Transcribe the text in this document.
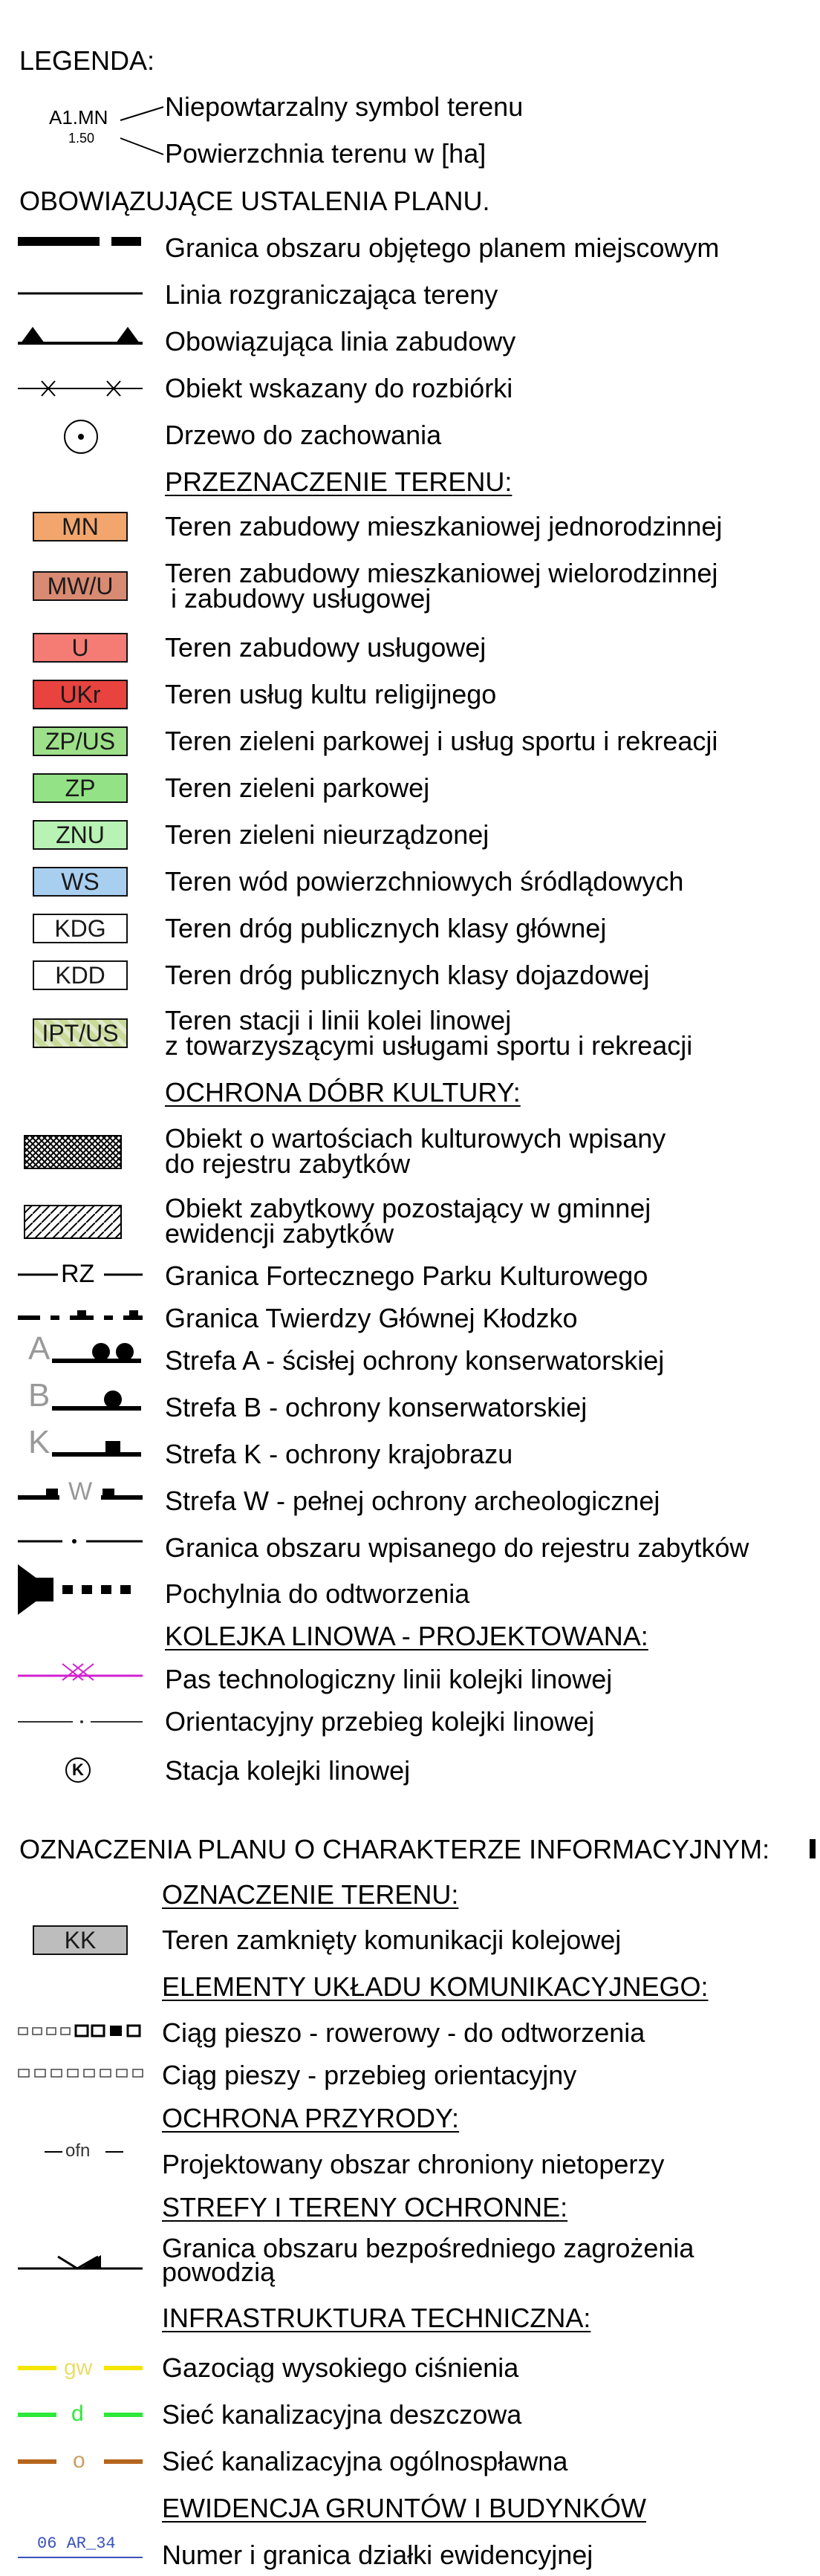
LEGENDA:
A1.MN
1.50
Niepowtarzalny symbol terenu
Powierzchnia terenu w [ha]
OBOWIĄZUJĄCE USTALENIA PLANU.
Granica obszaru objętego planem miejscowym
Linia rozgraniczająca tereny
Obowiązująca linia zabudowy
Obiekt wskazany do rozbiórki
Drzewo do zachowania
PRZEZNACZENIE TERENU:
MN	Teren zabudowy mieszkaniowej jednorodzinnej
MW/U	Teren zabudowy mieszkaniowej wielorodzinnej
i zabudowy usługowej
U	Teren zabudowy usługowej
UKr	Teren usług kultu religijnego
ZP/US	Teren zieleni parkowej i usług sportu i rekreacji
ZP	Teren zieleni parkowej
ZNU	Teren zieleni nieurządzonej
WS	Teren wód powierzchniowych śródlądowych
KDG	Teren dróg publicznych klasy głównej
KDD	Teren dróg publicznych klasy dojazdowej
IPT/US	Teren stacji i linii kolei linowej
z towarzyszącymi usługami sportu i rekreacji
OCHRONA DÓBR KULTURY:
Obiekt o wartościach kulturowych wpisany
do rejestru zabytków
Obiekt zabytkowy pozostający w gminnej
ewidencji zabytków
RZ	Granica Fortecznego Parku Kulturowego
Granica Twierdzy Głównej Kłodzko
A	Strefa A - ścisłej ochrony konserwatorskiej
B	Strefa B - ochrony konserwatorskiej
K	Strefa K - ochrony krajobrazu
W	Strefa W - pełnej ochrony archeologicznej
Granica obszaru wpisanego do rejestru zabytków
Pochylnia do odtworzenia
KOLEJKA LINOWA - PROJEKTOWANA:
Pas technologiczny linii kolejki linowej
Orientacyjny przebieg kolejki linowej
K	Stacja kolejki linowej
OZNACZENIA PLANU O CHARAKTERZE INFORMACYJNYM:
OZNACZENIE TERENU:
KK	Teren zamknięty komunikacji kolejowej
ELEMENTY UKŁADU KOMUNIKACYJNEGO:
Ciąg pieszo - rowerowy - do odtworzenia
Ciąg pieszy - przebieg orientacyjny
OCHRONA PRZYRODY:
ofn	Projektowany obszar chroniony nietoperzy
STREFY I TERENY OCHRONNE:
Granica obszaru bezpośredniego zagrożenia
powodzią
INFRASTRUKTURA TECHNICZNA:
gw	Gazociąg wysokiego ciśnienia
d	Sieć kanalizacyjna deszczowa
o	Sieć kanalizacyjna ogólnospławna
EWIDENCJA GRUNTÓW I BUDYNKÓW
06 AR_34 Numer i granica działki ewidencyjnej
